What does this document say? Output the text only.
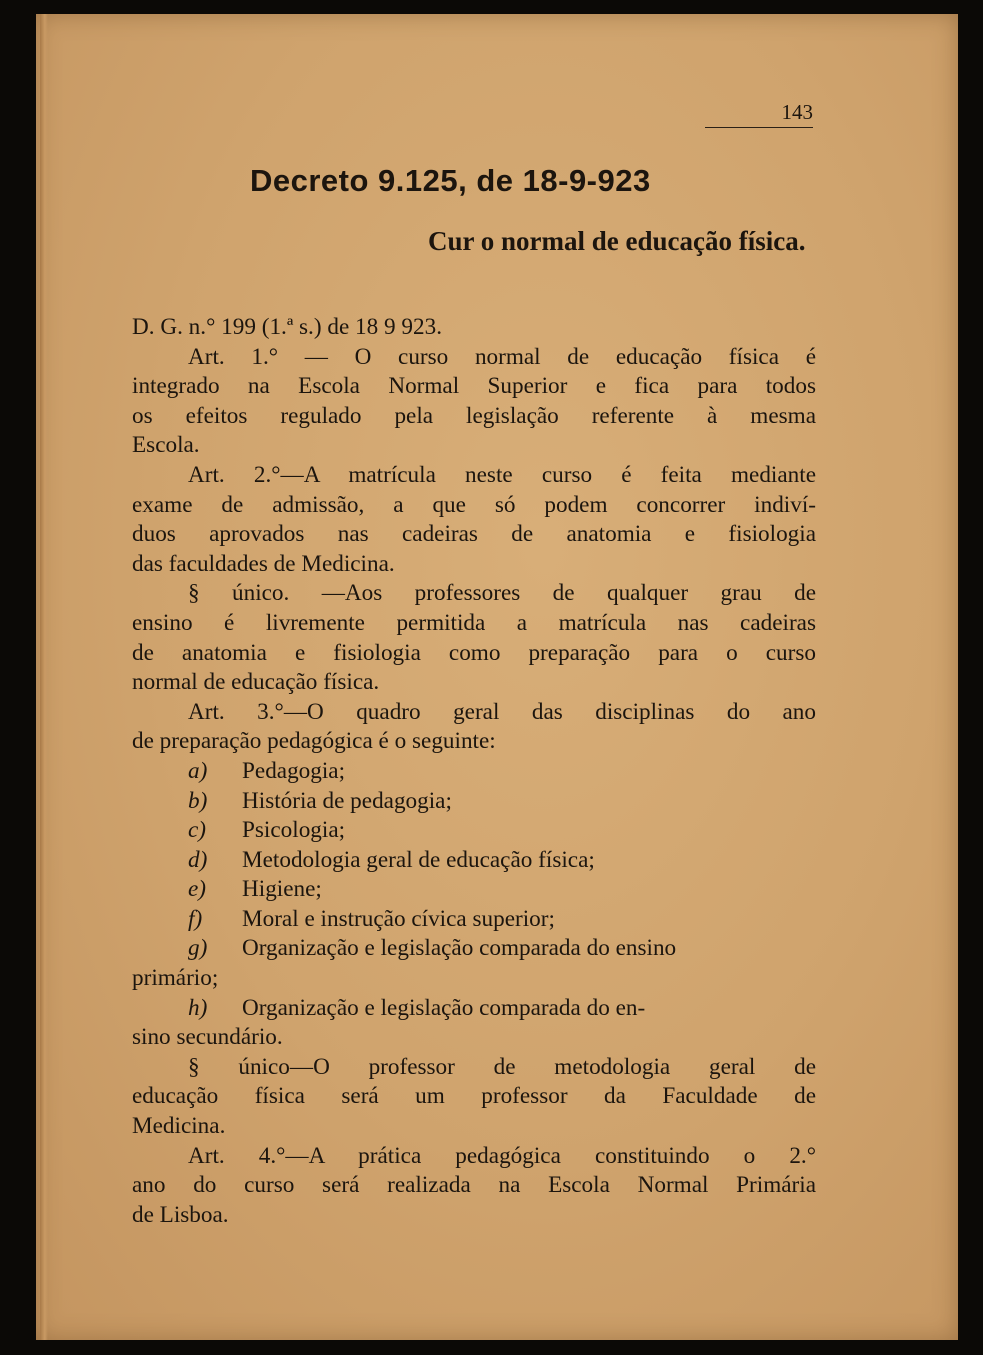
143
Decreto 9.125, de 18-9-923
Cur o normal de educação física.
D. G. n.° 199 (1.ª s.) de 18 9 923.
Art. 1.° — O curso normal de educação física é
integrado na Escola Normal Superior e fica para todos
os efeitos regulado pela legislação referente à mesma
Escola.
Art. 2.°—A matrícula neste curso é feita mediante
exame de admissão, a que só podem concorrer indiví-
duos aprovados nas cadeiras de anatomia e fisiologia
das faculdades de Medicina.
§ único. —Aos professores de qualquer grau de
ensino é livremente permitida a matrícula nas cadeiras
de anatomia e fisiologia como preparação para o curso
normal de educação física.
Art. 3.°—O quadro geral das disciplinas do ano
de preparação pedagógica é o seguinte:
a) Pedagogia;
b) História de pedagogia;
c) Psicologia;
d) Metodologia geral de educação física;
e) Higiene;
f) Moral e instrução cívica superior;
g) Organização e legislação comparada do ensino
primário;
h) Organização e legislação comparada do en-
sino secundário.
§ único—O professor de metodologia geral de
educação física será um professor da Faculdade de
Medicina.
Art. 4.°—A prática pedagógica constituindo o 2.°
ano do curso será realizada na Escola Normal Primária
de Lisboa.
